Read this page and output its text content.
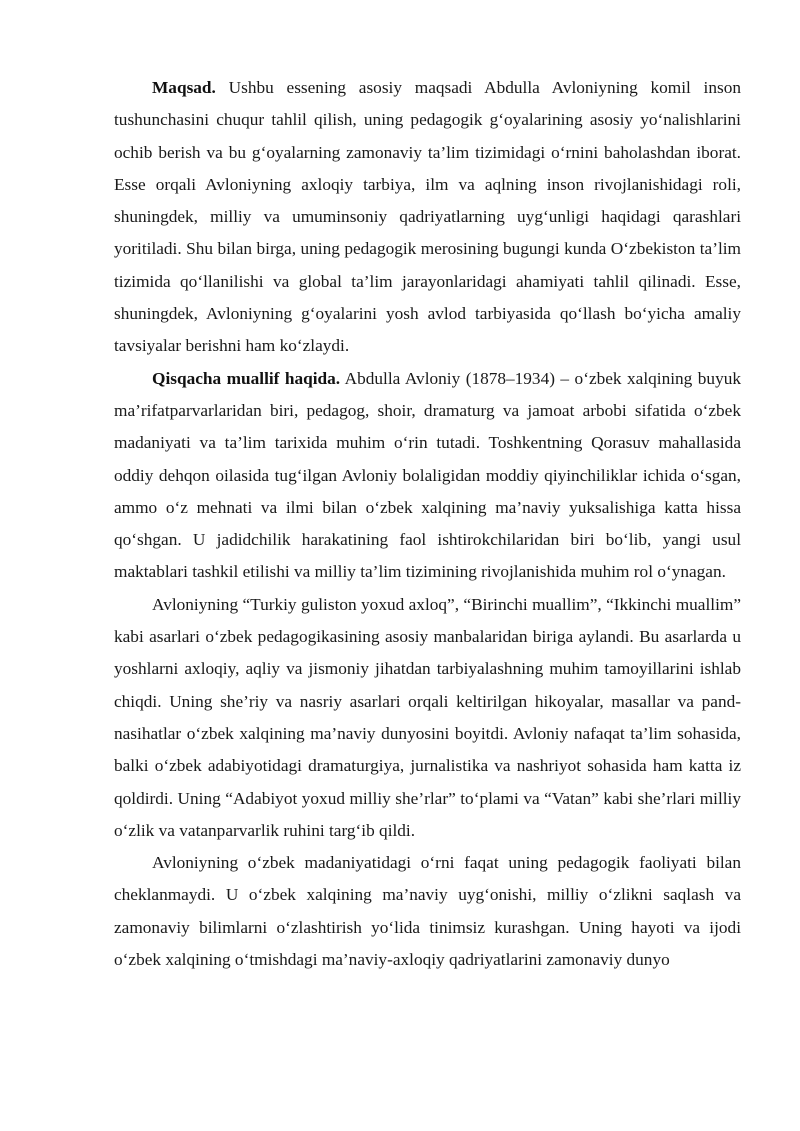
Maqsad. Ushbu essening asosiy maqsadi Abdulla Avloniyning komil inson tushunchasini chuqur tahlil qilish, uning pedagogik g‘oyalarining asosiy yo‘nalishlarini ochib berish va bu g‘oyalarning zamonaviy ta’lim tizimidagi o‘rnini baholashdan iborat. Esse orqali Avloniyning axloqiy tarbiya, ilm va aqlning inson rivojlanishidagi roli, shuningdek, milliy va umuminsoniy qadriyatlarning uyg‘unligi haqidagi qarashlari yoritiladi. Shu bilan birga, uning pedagogik merosining bugungi kunda O‘zbekiston ta’lim tizimida qo‘llanilishi va global ta’lim jarayonlaridagi ahamiyati tahlil qilinadi. Esse, shuningdek, Avloniyning g‘oyalarini yosh avlod tarbiyasida qo‘llash bo‘yicha amaliy tavsiyalar berishni ham ko‘zlaydi.

Qisqacha muallif haqida. Abdulla Avloniy (1878–1934) – o‘zbek xalqining buyuk ma’rifatparvarlaridan biri, pedagog, shoir, dramaturg va jamoat arbobi sifatida o‘zbek madaniyati va ta’lim tarixida muhim o‘rin tutadi. Toshkentning Qorasuv mahallasida oddiy dehqon oilasida tug‘ilgan Avloniy bolaligidan moddiy qiyinchiliklar ichida o‘sgan, ammo o‘z mehnati va ilmi bilan o‘zbek xalqining ma’naviy yuksalishiga katta hissa qo‘shgan. U jadidchilik harakatining faol ishtirokchilaridan biri bo‘lib, yangi usul maktablari tashkil etilishi va milliy ta’lim tizimining rivojlanishida muhim rol o‘ynagan.

Avloniyning “Turkiy guliston yoxud axloq”, “Birinchi muallim”, “Ikkinchi muallim” kabi asarlari o‘zbek pedagogikasining asosiy manbalaridan biriga aylandi. Bu asarlarda u yoshlarni axloqiy, aqliy va jismoniy jihatdan tarbiyalashning muhim tamoyillarini ishlab chiqdi. Uning she’riy va nasriy asarlari orqali keltirilgan hikoyalar, masallar va pand-nasihatlar o‘zbek xalqining ma’naviy dunyosini boyitdi. Avloniy nafaqat ta’lim sohasida, balki o‘zbek adabiyotidagi dramaturgiya, jurnalistika va nashriyot sohasida ham katta iz qoldirdi. Uning “Adabiyot yoxud milliy she’rlar” to‘plami va “Vatan” kabi she’rlari milliy o‘zlik va vatanparvarlik ruhini targ‘ib qildi.

Avloniyning o‘zbek madaniyatidagi o‘rni faqat uning pedagogik faoliyati bilan cheklanmaydi. U o‘zbek xalqining ma’naviy uyg‘onishi, milliy o‘zlikni saqlash va zamonaviy bilimlarni o‘zlashtirish yo‘lida tinimsiz kurashgan. Uning hayoti va ijodi o‘zbek xalqining o‘tmishdagi ma’naviy-axloqiy qadriyatlarini zamonaviy dunyo
